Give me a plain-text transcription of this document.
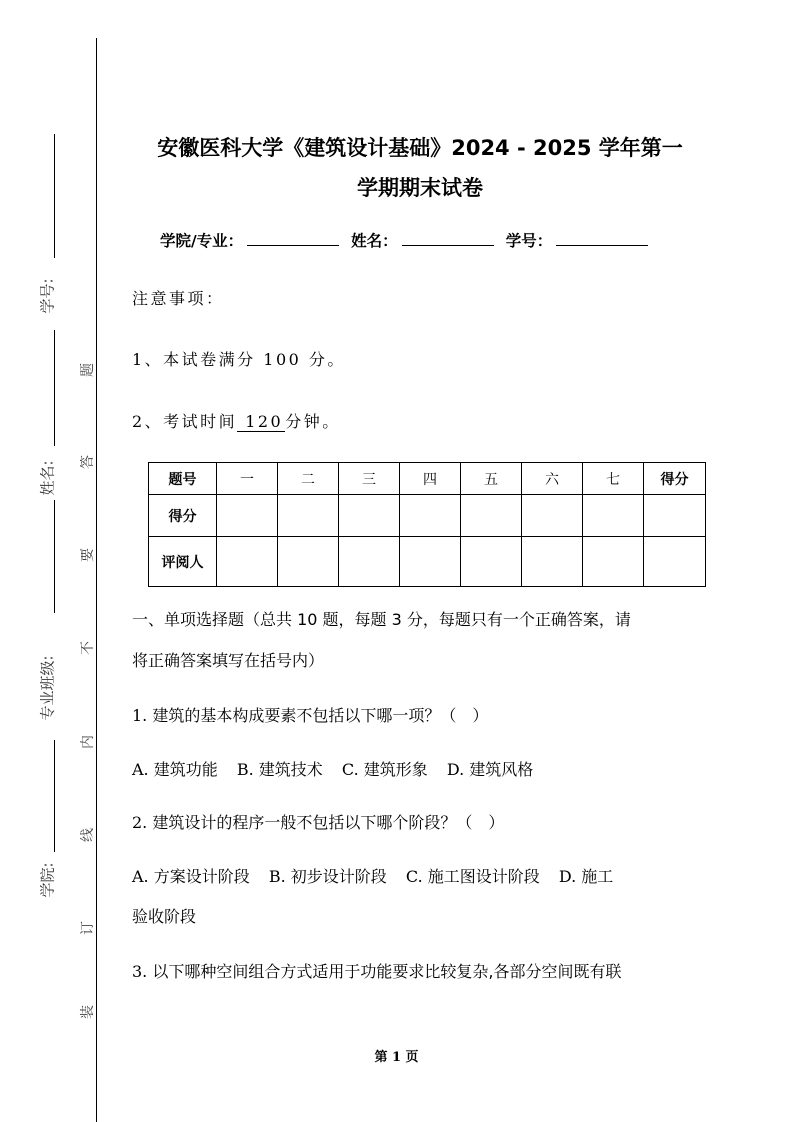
学号:
姓名:
专业班级:
学院:
题
答
要
不
内
线
订
装
安徽医科大学《建筑设计基础》2024 - 2025 学年第一
学期期末试卷
学院/专业：	姓名：	学号：
注意事项：
1、本试卷满分 100 分。
2、考试时间 120 分钟。
题号	一	二	三	四	五	六	七	得分
得分								
评阅人								
一、单项选择题（总共 10 题，每题 3 分，每题只有一个正确答案，请
将正确答案填写在括号内）
1. 建筑的基本构成要素不包括以下哪一项？（　）
A. 建筑功能 B. 建筑技术 C. 建筑形象 D. 建筑风格
2. 建筑设计的程序一般不包括以下哪个阶段？（　）
A. 方案设计阶段 B. 初步设计阶段 C. 施工图设计阶段 D. 施工
验收阶段
3. 以下哪种空间组合方式适用于功能要求比较复杂,各部分空间既有联
第 1 页
